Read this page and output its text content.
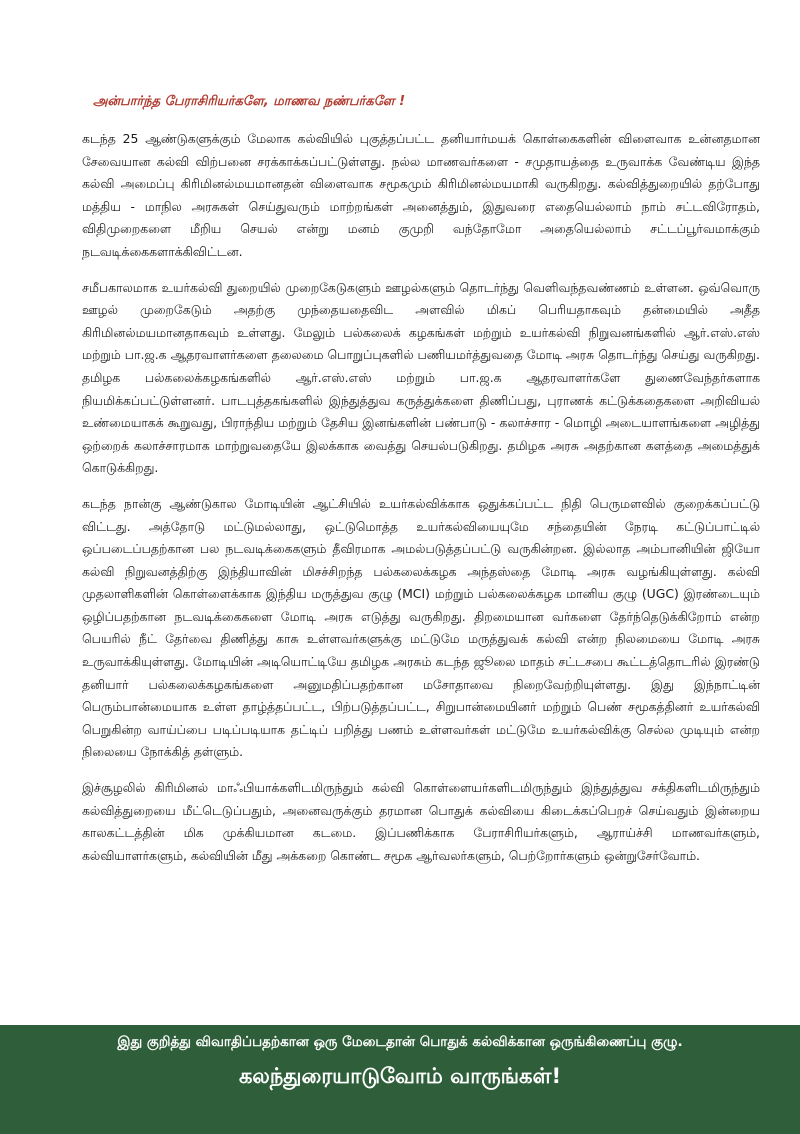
அன்பார்ந்த பேராசிரியர்களே, மாணவ நண்பர்களே !

கடந்த 25 ஆண்டுகளுக்கும் மேலாக கல்வியில் புகுத்தப்பட்ட தனியார்மயக் கொள்கைகளின் விளைவாக உன்னதமான சேவையான கல்வி விற்பனை சரக்காக்கப்பட்டுள்ளது. நல்ல மாணவர்களை - சமுதாயத்தை உருவாக்க வேண்டிய இந்த கல்வி அமைப்பு கிரிமினல்மயமானதன் விளைவாக சமூகமும் கிரிமினல்மயமாகி வருகிறது. கல்வித்துறையில் தற்போது மத்திய - மாநில அரசுகள் செய்துவரும் மாற்றங்கள் அனைத்தும், இதுவரை எதையெல்லாம் நாம் சட்டவிரோதம், விதிமுறைகளை மீறிய செயல் என்று மனம் குமுறி வந்தோமோ அதையெல்லாம் சட்டப்பூர்வமாக்கும் நடவடிக்கைகளாக்கிவிட்டன.

சமீபகாலமாக உயர்கல்வி துறையில் முறைகேடுகளும் ஊழல்களும் தொடர்ந்து வெளிவந்தவண்ணம் உள்ளன. ஒவ்வொரு ஊழல் முறைகேடும் அதற்கு முந்தையதைவிட அளவில் மிகப் பெரியதாகவும் தன்மையில் அதீத கிரிமினல்மயமானதாகவும் உள்ளது. மேலும் பல்கலைக் கழகங்கள் மற்றும் உயர்கல்வி நிறுவனங்களில் ஆர்.எஸ்.எஸ் மற்றும் பா.ஜ.க ஆதரவாளர்களை தலைமை பொறுப்புகளில் பணியமர்த்துவதை மோடி அரசு தொடர்ந்து செய்து வருகிறது. தமிழக பல்கலைக்கழகங்களில் ஆர்.எஸ்.எஸ் மற்றும் பா.ஜ.க ஆதரவாளர்களே துணைவேந்தர்களாக நியமிக்கப்பட்டுள்ளனர். பாடபுத்தகங்களில் இந்துத்துவ கருத்துக்களை திணிப்பது, புராணக் கட்டுக்கதைகளை அறிவியல் உண்மையாகக் கூறுவது, பிராந்திய மற்றும் தேசிய இனங்களின் பண்பாடு - கலாச்சார - மொழி அடையாளங்களை அழித்து ஒற்றைக் கலாச்சாரமாக மாற்றுவதையே இலக்காக வைத்து செயல்படுகிறது. தமிழக அரசு அதற்கான களத்தை அமைத்துக் கொடுக்கிறது.

கடந்த நான்கு ஆண்டுகால மோடியின் ஆட்சியில் உயர்கல்விக்காக ஒதுக்கப்பட்ட நிதி பெருமளவில் குறைக்கப்பட்டு விட்டது. அத்தோடு மட்டுமல்லாது, ஒட்டுமொத்த உயர்கல்வியையுமே சந்தையின் நேரடி கட்டுப்பாட்டில் ஒப்படைப்பதற்கான பல நடவடிக்கைகளும் தீவிரமாக அமல்படுத்தப்பட்டு வருகின்றன. இல்லாத அம்பானியின் ஜியோ கல்வி நிறுவனத்திற்கு இந்தியாவின் மிசச்சிறந்த பல்கலைக்கழக அந்தஸ்தை மோடி அரசு வழங்கியுள்ளது. கல்வி முதலாளிகளின் கொள்ளைக்காக இந்திய மருத்துவ குழு (MCI) மற்றும் பல்கலைக்கழக மானிய குழு (UGC) இரண்டையும் ஒழிப்பதற்கான நடவடிக்கைகளை மோடி அரசு எடுத்து வருகிறது. திறமையான வர்களை தேர்ந்தெடுக்கிறோம் என்ற பெயரில் நீட் தேர்வை திணித்து காசு உள்ளவர்களுக்கு மட்டுமே மருத்துவக் கல்வி என்ற நிலமையை மோடி அரசு உருவாக்கியுள்ளது. மோடியின் அடியொட்டியே தமிழக அரசும் கடந்த ஜூலை மாதம் சட்டசபை கூட்டத்தொடரில் இரண்டு தனியார் பல்கலைக்கழகங்களை அனுமதிப்பதற்கான மசோதாவை நிறைவேற்றியுள்ளது. இது இந்நாட்டின் பெரும்பான்மையாக உள்ள தாழ்த்தப்பட்ட, பிற்படுத்தப்பட்ட, சிறுபான்மையினர் மற்றும் பெண் சமூகத்தினர் உயர்கல்வி பெறுகின்ற வாய்ப்பை படிப்படியாக தட்டிப் பறித்து பணம் உள்ளவர்கள் மட்டுமே உயர்கல்விக்கு செல்ல முடியும் என்ற நிலையை நோக்கித் தள்ளும்.

இச்சூழலில் கிரிமினல் மாஃபியாக்களிடமிருந்தும் கல்வி கொள்ளையர்களிடமிருந்தும் இந்துத்துவ சக்திகளிடமிருந்தும் கல்வித்துறையை மீட்டெடுப்பதும், அனைவருக்கும் தரமான பொதுக் கல்வியை கிடைக்கப்பெறச் செய்வதும் இன்றைய காலகட்டத்தின் மிக முக்கியமான கடமை. இப்பணிக்காக பேராசிரியர்களும், ஆராய்ச்சி மாணவர்களும், கல்வியாளர்களும், கல்வியின் மீது அக்கறை கொண்ட சமூக ஆர்வலர்களும், பெற்றோர்களும் ஒன்றுசேர்வோம்.

இது குறித்து விவாதிப்பதற்கான ஒரு மேடைதான் பொதுக் கல்விக்கான ஒருங்கிணைப்பு குழு.
கலந்துரையாடுவோம் வாருங்கள்!
